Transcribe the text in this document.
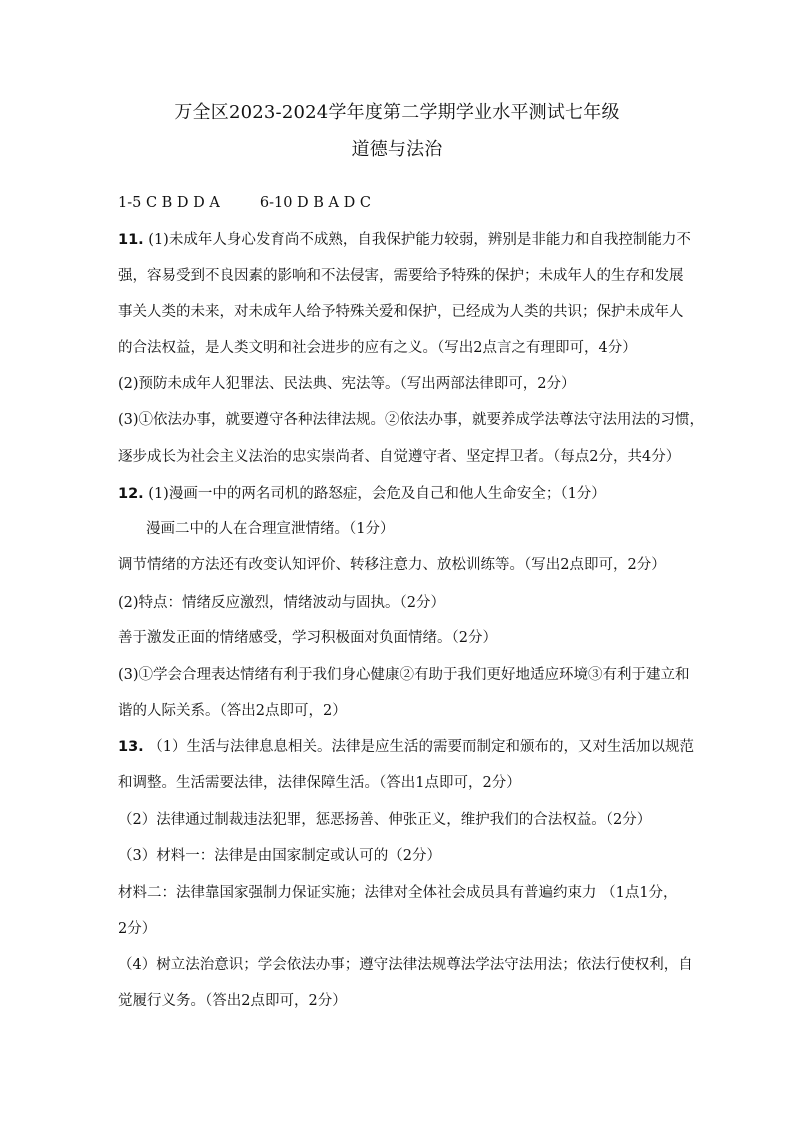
万全区2023-2024学年度第二学期学业水平测试七年级
道德与法治
1-5 C B D D A	6-10 D B A D C
11. (1)未成年人身心发育尚不成熟，自我保护能力较弱，辨别是非能力和自我控制能力不
强，容易受到不良因素的影响和不法侵害，需要给予特殊的保护；未成年人的生存和发展
事关人类的未来，对未成年人给予特殊关爱和保护，已经成为人类的共识；保护未成年人
的合法权益，是人类文明和社会进步的应有之义。（写出2点言之有理即可，4分）
(2)预防未成年人犯罪法、民法典、宪法等。（写出两部法律即可，2分）
(3)①依法办事，就要遵守各种法律法规。②依法办事，就要养成学法尊法守法用法的习惯，
逐步成长为社会主义法治的忠实崇尚者、自觉遵守者、坚定捍卫者。（每点2分，共4分）
12. (1)漫画一中的两名司机的路怒症，会危及自己和他人生命安全；（1分）
漫画二中的人在合理宣泄情绪。（1分）
调节情绪的方法还有改变认知评价、转移注意力、放松训练等。（写出2点即可，2分）
(2)特点：情绪反应激烈，情绪波动与固执。（2分）
善于激发正面的情绪感受，学习积极面对负面情绪。（2分）
(3)①学会合理表达情绪有利于我们身心健康②有助于我们更好地适应环境③有利于建立和
谐的人际关系。（答出2点即可，2）
13. （1）生活与法律息息相关。法律是应生活的需要而制定和颁布的，又对生活加以规范
和调整。生活需要法律，法律保障生活。（答出1点即可，2分）
（2）法律通过制裁违法犯罪，惩恶扬善、伸张正义，维护我们的合法权益。（2分）
（3）材料一：法律是由国家制定或认可的（2分）
材料二：法律靠国家强制力保证实施；法律对全体社会成员具有普遍约束力 （1点1分，
2分）
（4）树立法治意识；学会依法办事；遵守法律法规尊法学法守法用法；依法行使权利，自
觉履行义务。（答出2点即可，2分）
